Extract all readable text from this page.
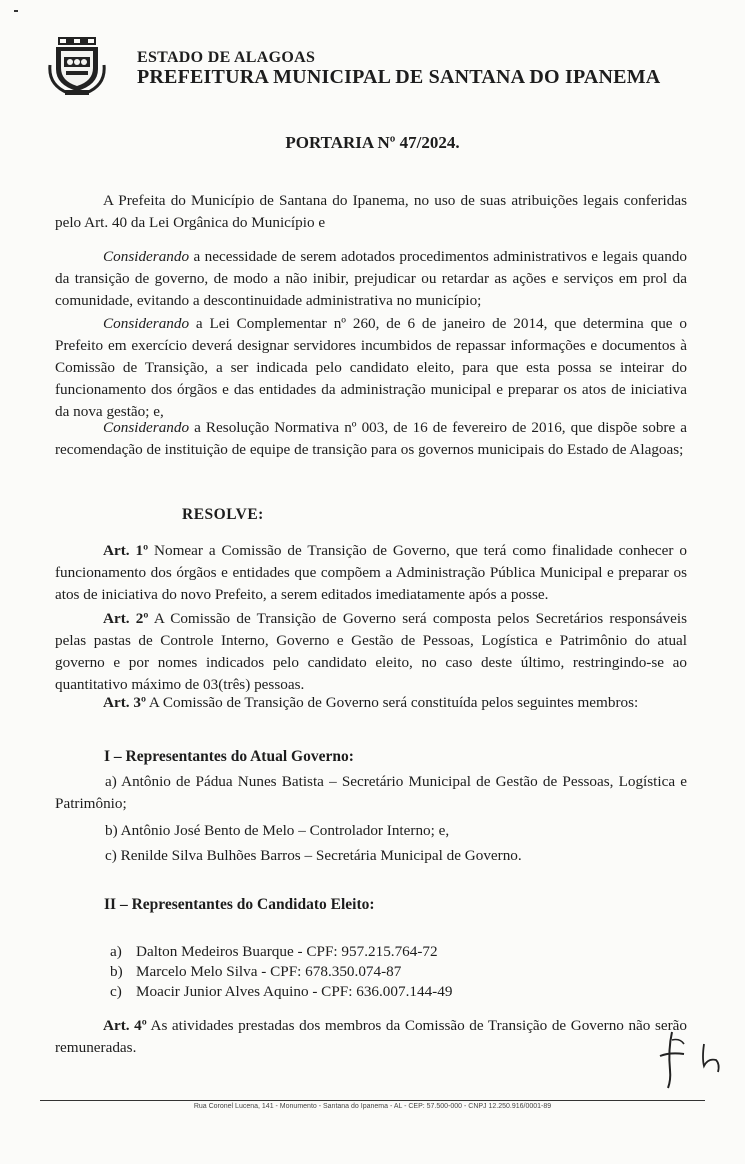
ESTADO DE ALAGOAS
PREFEITURA MUNICIPAL DE SANTANA DO IPANEMA
PORTARIA Nº 47/2024.
A Prefeita do Município de Santana do Ipanema, no uso de suas atribuições legais conferidas pelo Art. 40 da Lei Orgânica do Município e
Considerando a necessidade de serem adotados procedimentos administrativos e legais quando da transição de governo, de modo a não inibir, prejudicar ou retardar as ações e serviços em prol da comunidade, evitando a descontinuidade administrativa no município;
Considerando a Lei Complementar nº 260, de 6 de janeiro de 2014, que determina que o Prefeito em exercício deverá designar servidores incumbidos de repassar informações e documentos à Comissão de Transição, a ser indicada pelo candidato eleito, para que esta possa se inteirar do funcionamento dos órgãos e das entidades da administração municipal e preparar os atos de iniciativa da nova gestão; e,
Considerando a Resolução Normativa nº 003, de 16 de fevereiro de 2016, que dispõe sobre a recomendação de instituição de equipe de transição para os governos municipais do Estado de Alagoas;
RESOLVE:
Art. 1º Nomear a Comissão de Transição de Governo, que terá como finalidade conhecer o funcionamento dos órgãos e entidades que compõem a Administração Pública Municipal e preparar os atos de iniciativa do novo Prefeito, a serem editados imediatamente após a posse.
Art. 2º A Comissão de Transição de Governo será composta pelos Secretários responsáveis pelas pastas de Controle Interno, Governo e Gestão de Pessoas, Logística e Patrimônio do atual governo e por nomes indicados pelo candidato eleito, no caso deste último, restringindo-se ao quantitativo máximo de 03(três) pessoas.
Art. 3º A Comissão de Transição de Governo será constituída pelos seguintes membros:
I – Representantes do Atual Governo:
a) Antônio de Pádua Nunes Batista – Secretário Municipal de Gestão de Pessoas, Logística e Patrimônio;
b) Antônio José Bento de Melo – Controlador Interno; e,
c) Renilde Silva Bulhões Barros – Secretária Municipal de Governo.
II – Representantes do Candidato Eleito:
a) Dalton Medeiros Buarque - CPF: 957.215.764-72
b) Marcelo Melo Silva - CPF: 678.350.074-87
c) Moacir Junior Alves Aquino - CPF: 636.007.144-49
Art. 4º As atividades prestadas dos membros da Comissão de Transição de Governo não serão remuneradas.
Rua Coronel Lucena, 141 - Monumento - Santana do Ipanema - AL - CEP: 57.500-000 - CNPJ 12.250.916/0001-89
